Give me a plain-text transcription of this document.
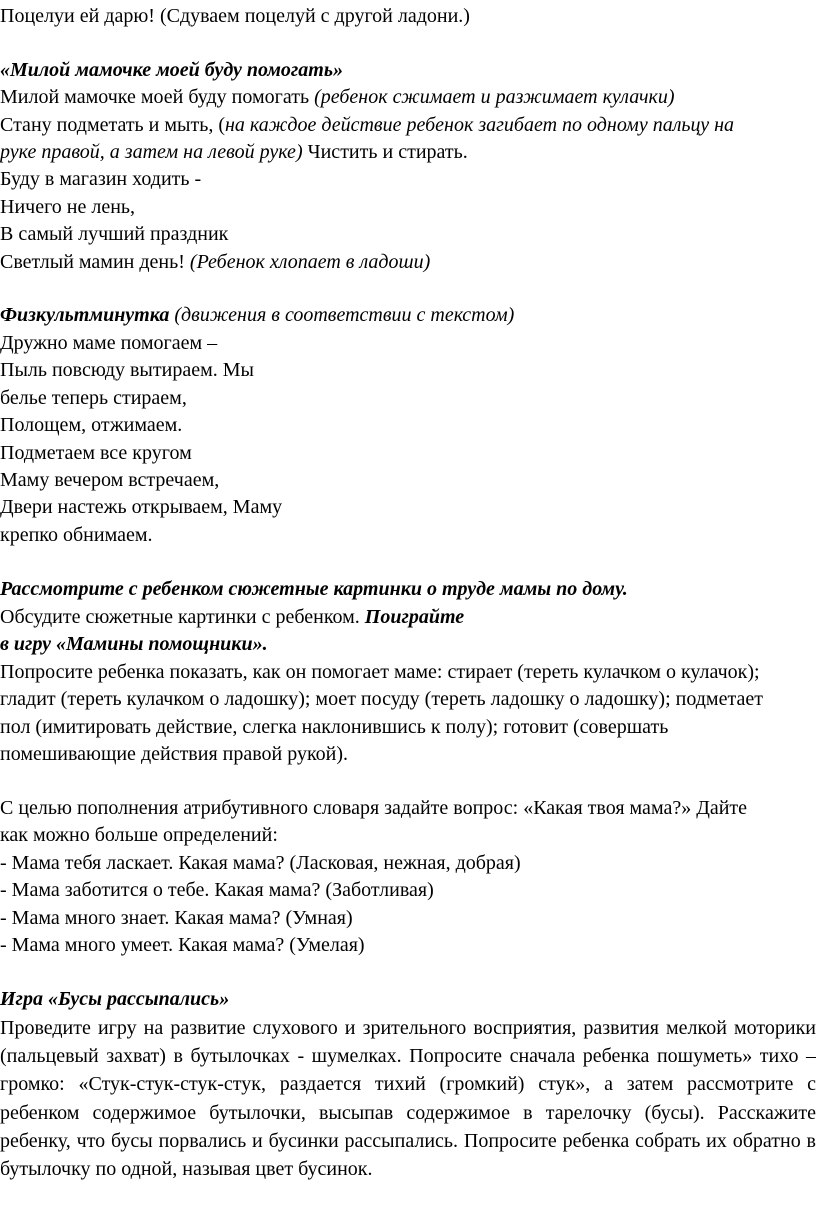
Поцелуи ей дарю! (Сдуваем поцелуй с другой ладони.)
«Милой мамочке моей буду помогать»
Милой мамочке моей буду помогать (ребенок сжимает и разжимает кулачки)
Стану подметать и мыть, (на каждое действие ребенок загибает по одному пальцу на
руке правой, а затем на левой руке) Чистить и стирать.
Буду в магазин ходить -
Ничего не лень,
В самый лучший праздник
Светлый мамин день! (Ребенок хлопает в ладоши)
Физкультминутка (движения в соответствии с текстом)
Дружно маме помогаем –
Пыль повсюду вытираем. Мы
белье теперь стираем,
Полощем, отжимаем.
Подметаем все кругом
Маму вечером встречаем,
Двери настежь открываем, Маму
крепко обнимаем.
Рассмотрите с ребенком сюжетные картинки о труде мамы по дому.
Обсудите сюжетные картинки с ребенком. Поиграйте
в игру «Мамины помощники».
Попросите ребенка показать, как он помогает маме: стирает (тереть кулачком о кулачок);
гладит (тереть кулачком о ладошку); моет посуду (тереть ладошку о ладошку); подметает
пол (имитировать действие, слегка наклонившись к полу); готовит (совершать
помешивающие действия правой рукой).
С целью пополнения атрибутивного словаря задайте вопрос: «Какая твоя мама?» Дайте
как можно больше определений:
- Мама тебя ласкает. Какая мама? (Ласковая, нежная, добрая)
- Мама заботится о тебе. Какая мама? (Заботливая)
- Мама много знает. Какая мама? (Умная)
- Мама много умеет. Какая мама? (Умелая)
Игра «Бусы рассыпались»
Проведите игру на развитие слухового и зрительного восприятия, развития мелкой моторики (пальцевый захват) в бутылочках - шумелках. Попросите сначала ребенка пошуметь» тихо – громко: «Стук-стук-стук-стук, раздается тихий (громкий) стук», а затем рассмотрите с ребенком содержимое бутылочки, высыпав содержимое в тарелочку (бусы). Расскажите ребенку, что бусы порвались и бусинки рассыпались. Попросите ребенка собрать их обратно в бутылочку по одной, называя цвет бусинок.
